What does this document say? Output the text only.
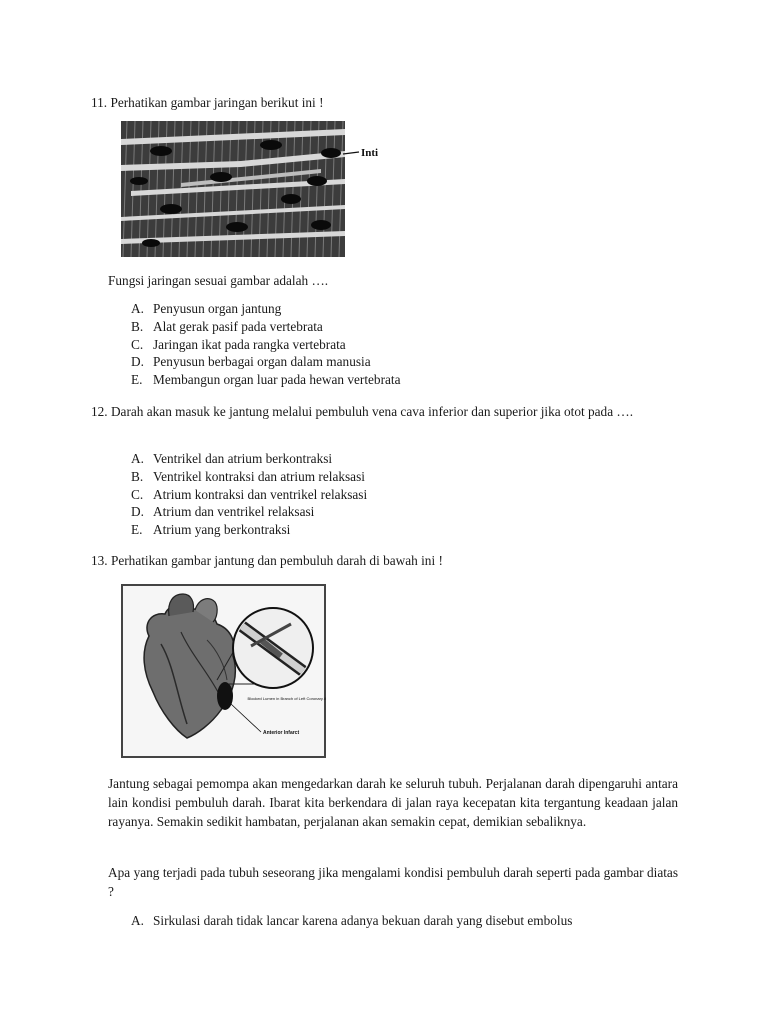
11. Perhatikan gambar jaringan berikut ini !
Inti
Fungsi jaringan sesuai gambar adalah ….
A. Penyusun organ jantung
B. Alat gerak pasif pada vertebrata
C. Jaringan ikat pada rangka vertebrata
D. Penyusun berbagai organ dalam manusia
E. Membangun organ luar pada hewan vertebrata
12. Darah akan masuk ke jantung melalui pembuluh vena cava inferior dan superior jika otot pada ….
A. Ventrikel dan atrium berkontraksi
B. Ventrikel kontraksi dan atrium relaksasi
C. Atrium kontraksi dan ventrikel relaksasi
D. Atrium dan ventrikel relaksasi
E. Atrium yang berkontraksi
13. Perhatikan gambar jantung dan pembuluh darah di bawah ini !
Blocked Lumen in Branch of Left Coronary Artery
Anterior Infarct
Jantung sebagai pemompa akan mengedarkan darah ke seluruh tubuh. Perjalanan darah dipengaruhi antara lain kondisi pembuluh darah. Ibarat kita berkendara di jalan raya kecepatan kita tergantung keadaan jalan rayanya. Semakin sedikit hambatan, perjalanan akan semakin cepat, demikian sebaliknya.
Apa yang terjadi pada tubuh seseorang jika mengalami kondisi pembuluh darah seperti pada gambar diatas ?
A. Sirkulasi darah tidak lancar karena adanya bekuan darah yang disebut embolus
